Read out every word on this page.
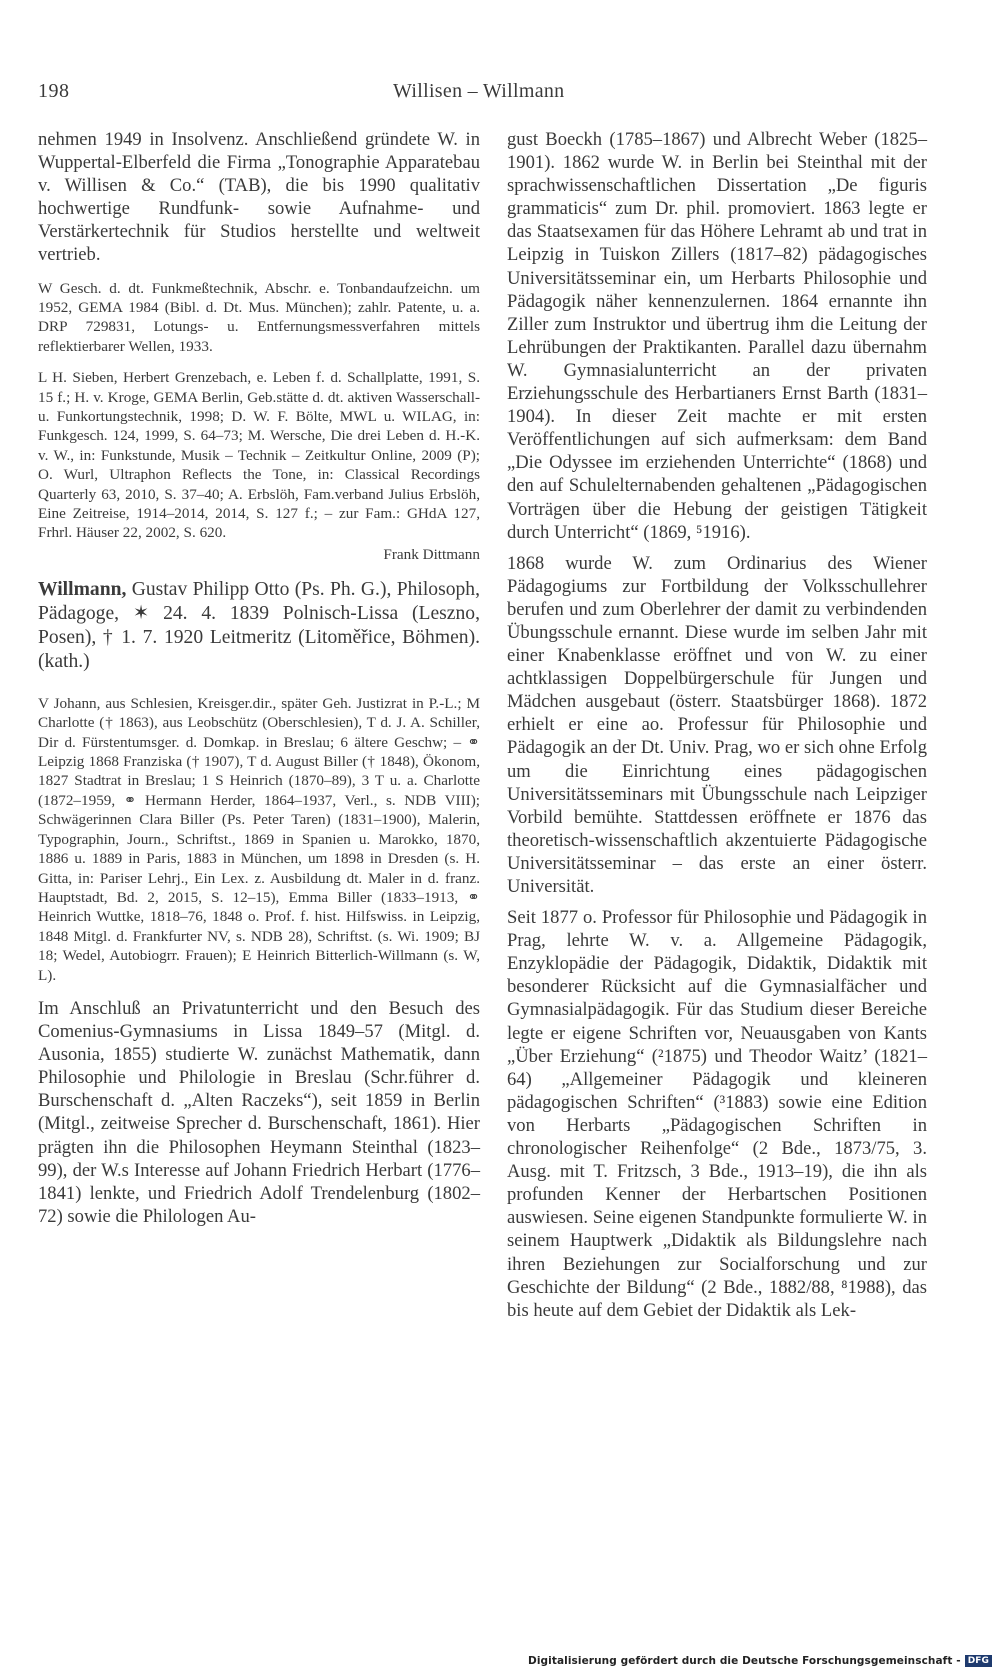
198	Willisen – Willmann

nehmen 1949 in Insolvenz. Anschließend gründete W. in Wuppertal-Elberfeld die Firma „Tonographie Apparatebau v. Willisen & Co.“ (TAB), die bis 1990 qualitativ hochwertige Rundfunk- sowie Aufnahme- und Verstärkertechnik für Studios herstellte und weltweit vertrieb.

W Gesch. d. dt. Funkmeßtechnik, Abschr. e. Tonbandaufzeichn. um 1952, GEMA 1984 (Bibl. d. Dt. Mus. München); zahlr. Patente, u. a. DRP 729831, Lotungs- u. Entfernungsmessverfahren mittels reflektierbarer Wellen, 1933.

L H. Sieben, Herbert Grenzebach, e. Leben f. d. Schallplatte, 1991, S. 15 f.; H. v. Kroge, GEMA Berlin, Geb.stätte d. dt. aktiven Wasserschall- u. Funkortungstechnik, 1998; D. W. F. Bölte, MWL u. WILAG, in: Funkgesch. 124, 1999, S. 64–73; M. Wersche, Die drei Leben d. H.-K. v. W., in: Funkstunde, Musik – Technik – Zeitkultur Online, 2009 (P); O. Wurl, Ultraphon Reflects the Tone, in: Classical Recordings Quarterly 63, 2010, S. 37–40; A. Erbslöh, Fam.verband Julius Erbslöh, Eine Zeitreise, 1914–2014, 2014, S. 127 f.; – zur Fam.: GHdA 127, Frhrl. Häuser 22, 2002, S. 620.

Frank Dittmann

Willmann, Gustav Philipp Otto (Ps. Ph. G.), Philosoph, Pädagoge, ✶ 24. 4. 1839 Polnisch-Lissa (Leszno, Posen), † 1. 7. 1920 Leitmeritz (Litoměřice, Böhmen). (kath.)

V Johann, aus Schlesien, Kreisger.dir., später Geh. Justizrat in P.-L.; M Charlotte († 1863), aus Leobschütz (Oberschlesien), T d. J. A. Schiller, Dir d. Fürstentumsger. d. Domkap. in Breslau; 6 ältere Geschw; – ⚭ Leipzig 1868 Franziska († 1907), T d. August Biller († 1848), Ökonom, 1827 Stadtrat in Breslau; 1 S Heinrich (1870–89), 3 T u. a. Charlotte (1872–1959, ⚭ Hermann Herder, 1864–1937, Verl., s. NDB VIII); Schwägerinnen Clara Biller (Ps. Peter Taren) (1831–1900), Malerin, Typographin, Journ., Schriftst., 1869 in Spanien u. Marokko, 1870, 1886 u. 1889 in Paris, 1883 in München, um 1898 in Dresden (s. H. Gitta, in: Pariser Lehrj., Ein Lex. z. Ausbildung dt. Maler in d. franz. Hauptstadt, Bd. 2, 2015, S. 12–15), Emma Biller (1833–1913, ⚭ Heinrich Wuttke, 1818–76, 1848 o. Prof. f. hist. Hilfswiss. in Leipzig, 1848 Mitgl. d. Frankfurter NV, s. NDB 28), Schriftst. (s. Wi. 1909; BJ 18; Wedel, Autobiogrr. Frauen); E Heinrich Bitterlich-Willmann (s. W, L).

Im Anschluß an Privatunterricht und den Besuch des Comenius-Gymnasiums in Lissa 1849–57 (Mitgl. d. Ausonia, 1855) studierte W. zunächst Mathematik, dann Philosophie und Philologie in Breslau (Schr.führer d. Burschenschaft d. „Alten Raczeks“), seit 1859 in Berlin (Mitgl., zeitweise Sprecher d. Burschenschaft, 1861). Hier prägten ihn die Philosophen Heymann Steinthal (1823–99), der W.s Interesse auf Johann Friedrich Herbart (1776–1841) lenkte, und Friedrich Adolf Trendelenburg (1802–72) sowie die Philologen Au-

gust Boeckh (1785–1867) und Albrecht Weber (1825–1901). 1862 wurde W. in Berlin bei Steinthal mit der sprachwissenschaftlichen Dissertation „De figuris grammaticis“ zum Dr. phil. promoviert. 1863 legte er das Staatsexamen für das Höhere Lehramt ab und trat in Leipzig in Tuiskon Zillers (1817–82) pädagogisches Universitätsseminar ein, um Herbarts Philosophie und Pädagogik näher kennenzulernen. 1864 ernannte ihn Ziller zum Instruktor und übertrug ihm die Leitung der Lehrübungen der Praktikanten. Parallel dazu übernahm W. Gymnasialunterricht an der privaten Erziehungsschule des Herbartianers Ernst Barth (1831–1904). In dieser Zeit machte er mit ersten Veröffentlichungen auf sich aufmerksam: dem Band „Die Odyssee im erziehenden Unterrichte“ (1868) und den auf Schulelternabenden gehaltenen „Pädagogischen Vorträgen über die Hebung der geistigen Tätigkeit durch Unterricht“ (1869, ⁵1916).

1868 wurde W. zum Ordinarius des Wiener Pädagogiums zur Fortbildung der Volksschullehrer berufen und zum Oberlehrer der damit zu verbindenden Übungsschule ernannt. Diese wurde im selben Jahr mit einer Knabenklasse eröffnet und von W. zu einer achtklassigen Doppelbürgerschule für Jungen und Mädchen ausgebaut (österr. Staatsbürger 1868). 1872 erhielt er eine ao. Professur für Philosophie und Pädagogik an der Dt. Univ. Prag, wo er sich ohne Erfolg um die Einrichtung eines pädagogischen Universitätsseminars mit Übungsschule nach Leipziger Vorbild bemühte. Stattdessen eröffnete er 1876 das theoretisch-wissenschaftlich akzentuierte Pädagogische Universitätsseminar – das erste an einer österr. Universität.

Seit 1877 o. Professor für Philosophie und Pädagogik in Prag, lehrte W. v. a. Allgemeine Pädagogik, Enzyklopädie der Pädagogik, Didaktik, Didaktik mit besonderer Rücksicht auf die Gymnasialfächer und Gymnasialpädagogik. Für das Studium dieser Bereiche legte er eigene Schriften vor, Neuausgaben von Kants „Über Erziehung“ (²1875) und Theodor Waitz’ (1821–64) „Allgemeiner Pädagogik und kleineren pädagogischen Schriften“ (³1883) sowie eine Edition von Herbarts „Pädagogischen Schriften in chronologischer Reihenfolge“ (2 Bde., 1873/75, 3. Ausg. mit T. Fritzsch, 3 Bde., 1913–19), die ihn als profunden Kenner der Herbartschen Positionen auswiesen. Seine eigenen Standpunkte formulierte W. in seinem Hauptwerk „Didaktik als Bildungslehre nach ihren Beziehungen zur Socialforschung und zur Geschichte der Bildung“ (2 Bde., 1882/88, ⁸1988), das bis heute auf dem Gebiet der Didaktik als Lek-

Digitalisierung gefördert durch die Deutsche Forschungsgemeinschaft - DFG
